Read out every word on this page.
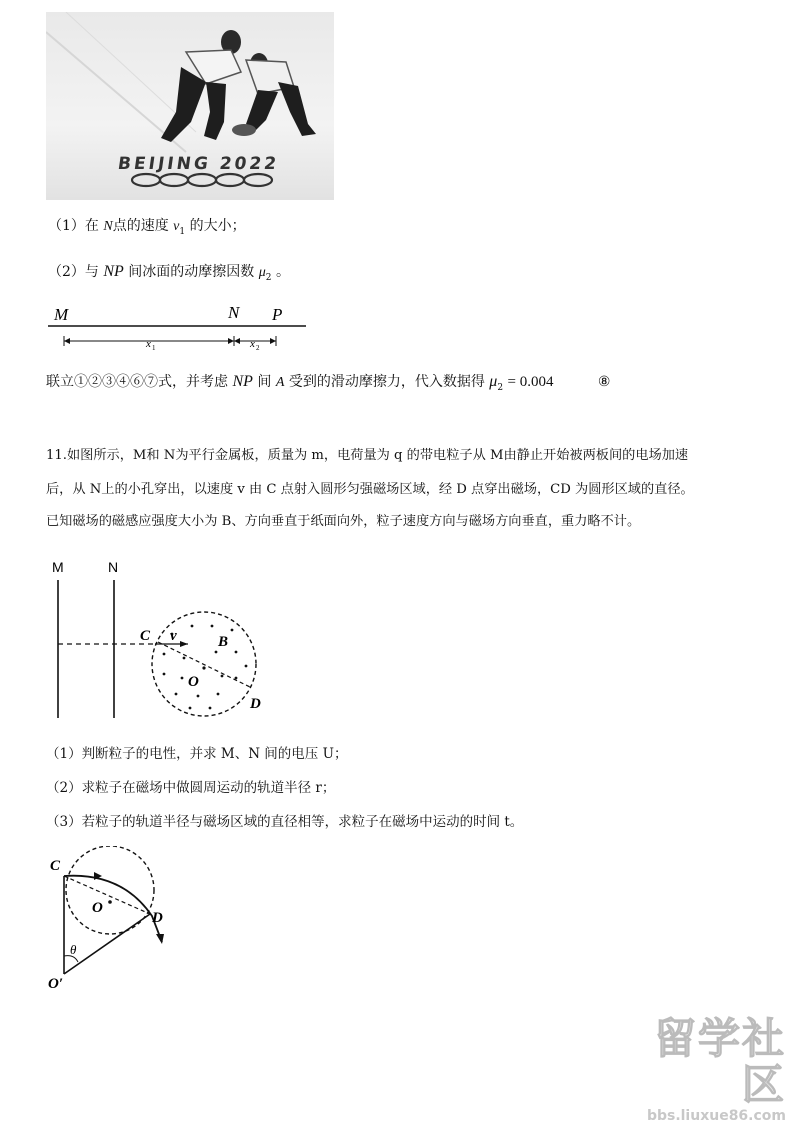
BEIJING 2022
（1）在 N点的速度 $v_1$ 的大小；
（2）与 NP 间冰面的动摩擦因数 $\mu_2$ 。
M	N P
x 1	x 2
联立①②③④⑥⑦式，并考虑 NP 间 A 受到的滑动摩擦力，代入数据得 $\mu_2 = 0.004$	⑧
11.如图所示，M和 N为平行金属板，质量为 m，电荷量为 q 的带电粒子从 M由静止开始被两板间的电场加速
后，从 N上的小孔穿出，以速度 v 由 C 点射入圆形匀强磁场区域，经 D 点穿出磁场，CD 为圆形区域的直径。
已知磁场的磁感应强度大小为 B、方向垂直于纸面向外，粒子速度方向与磁场方向垂直，重力略不计。
M	N
C v	B
O
D
（1）判断粒子的电性，并求 M、N 间的电压 U；
（2）求粒子在磁场中做圆周运动的轨道半径 r；
（3）若粒子的轨道半径与磁场区域的直径相等，求粒子在磁场中运动的时间 t。
C
O
D
θ
O′
留学社区
bbs.liuxue86.com
